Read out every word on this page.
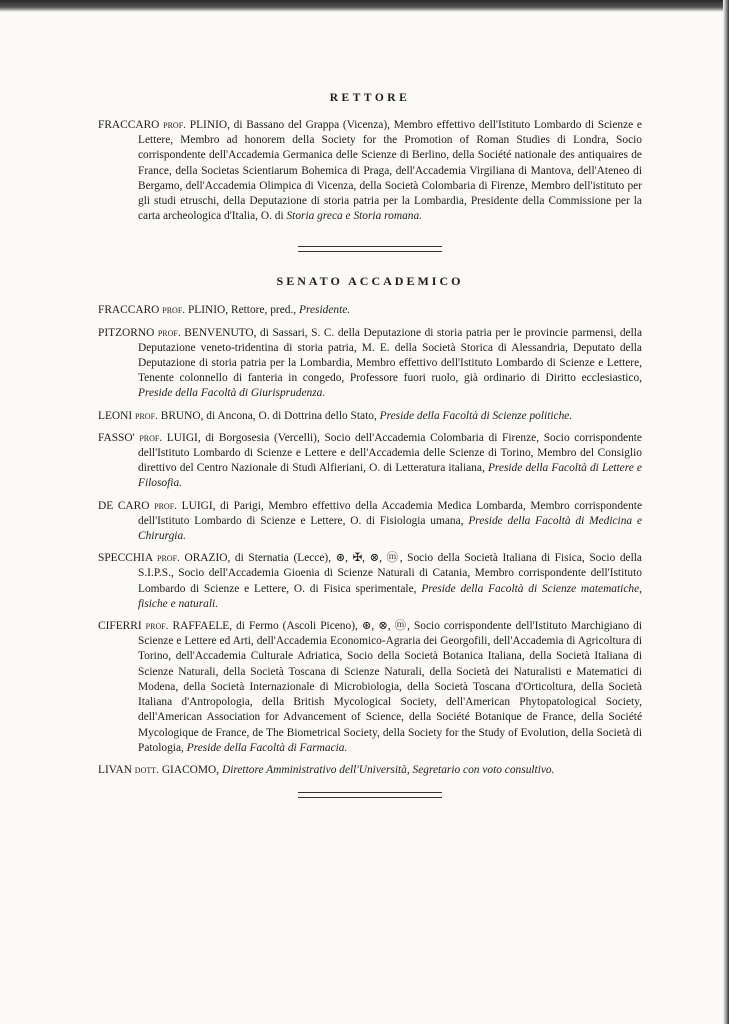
RETTORE

FRACCARO prof. PLINIO, di Bassano del Grappa (Vicenza), Membro effettivo dell'Istituto Lombardo di Scienze e Lettere, Membro ad honorem della Society for the Promotion of Roman Studies di Londra, Socio corrispondente dell'Accademia Germanica delle Scienze di Berlino, della Société nationale des antiquaires de France, della Societas Scientiarum Bohemica di Praga, dell'Accademia Virgiliana di Mantova, dell'Ateneo di Bergamo, dell'Accademia Olimpica di Vicenza, della Società Colombaria di Firenze, Membro dell'istituto per gli studi etruschi, della Deputazione di storia patria per la Lombardia, Presidente della Commissione per la carta archeologica d'Italia, O. di Storia greca e Storia romana.

SENATO ACCADEMICO

FRACCARO prof. PLINIO, Rettore, pred., Presidente.

PITZORNO prof. BENVENUTO, di Sassari, S. C. della Deputazione di storia patria per le provincie parmensi, della Deputazione veneto-tridentina di storia patria, M. E. della Società Storica di Alessandria, Deputato della Deputazione di storia patria per la Lombardia, Membro effettivo dell'Istituto Lombardo di Scienze e Lettere, Tenente colonnello di fanteria in congedo, Professore fuori ruolo, già ordinario di Diritto ecclesiastico, Preside della Facoltà di Giurisprudenza.

LEONI prof. BRUNO, di Ancona, O. di Dottrina dello Stato, Preside della Facoltà di Scienze politiche.

FASSO' prof. LUIGI, di Borgosesia (Vercelli), Socio dell'Accademia Colombaria di Firenze, Socio corrispondente dell'Istituto Lombardo di Scienze e Lettere e dell'Accademia delle Scienze di Torino, Membro del Consiglio direttivo del Centro Nazionale di Studi Alfieriani, O. di Letteratura italiana, Preside della Facoltà di Lettere e Filosofia.

DE CARO prof. LUIGI, di Parigi, Membro effettivo della Accademia Medica Lombarda, Membro corrispondente dell'Istituto Lombardo di Scienze e Lettere, O. di Fisiologia umana, Preside della Facoltà di Medicina e Chirurgia.

SPECCHIA prof. ORAZIO, di Sternatia (Lecce), ⊛, ✠, ⊗, ⓜ, Socio della Società Italiana di Fisica, Socio della S.I.P.S., Socio dell'Accademia Gioenia di Scienze Naturali di Catania, Membro corrispondente dell'Istituto Lombardo di Scienze e Lettere, O. di Fisica sperimentale, Preside della Facoltà di Scienze matematiche, fisiche e naturali.

CIFERRI prof. RAFFAELE, di Fermo (Ascoli Piceno), ⊛, ⊗, ⓜ, Socio corrispondente dell'Istituto Marchigiano di Scienze e Lettere ed Arti, dell'Accademia Economico-Agraria dei Georgofili, dell'Accademia di Agricoltura di Torino, dell'Accademia Culturale Adriatica, Socio della Società Botanica Italiana, della Società Italiana di Scienze Naturali, della Società Toscana di Scienze Naturali, della Società dei Naturalisti e Matematici di Modena, della Società Internazionale di Microbiologia, della Società Toscana d'Orticoltura, della Società Italiana d'Antropologia, della British Mycological Society, dell'American Phytopatological Society, dell'American Association for Advancement of Science, della Société Botanique de France, della Société Mycologique de France, de The Biometrical Society, della Society for the Study of Evolution, della Società di Patologia, Preside della Facoltà di Farmacia.

LIVAN dott. GIACOMO, Direttore Amministrativo dell'Università, Segretario con voto consultivo.
